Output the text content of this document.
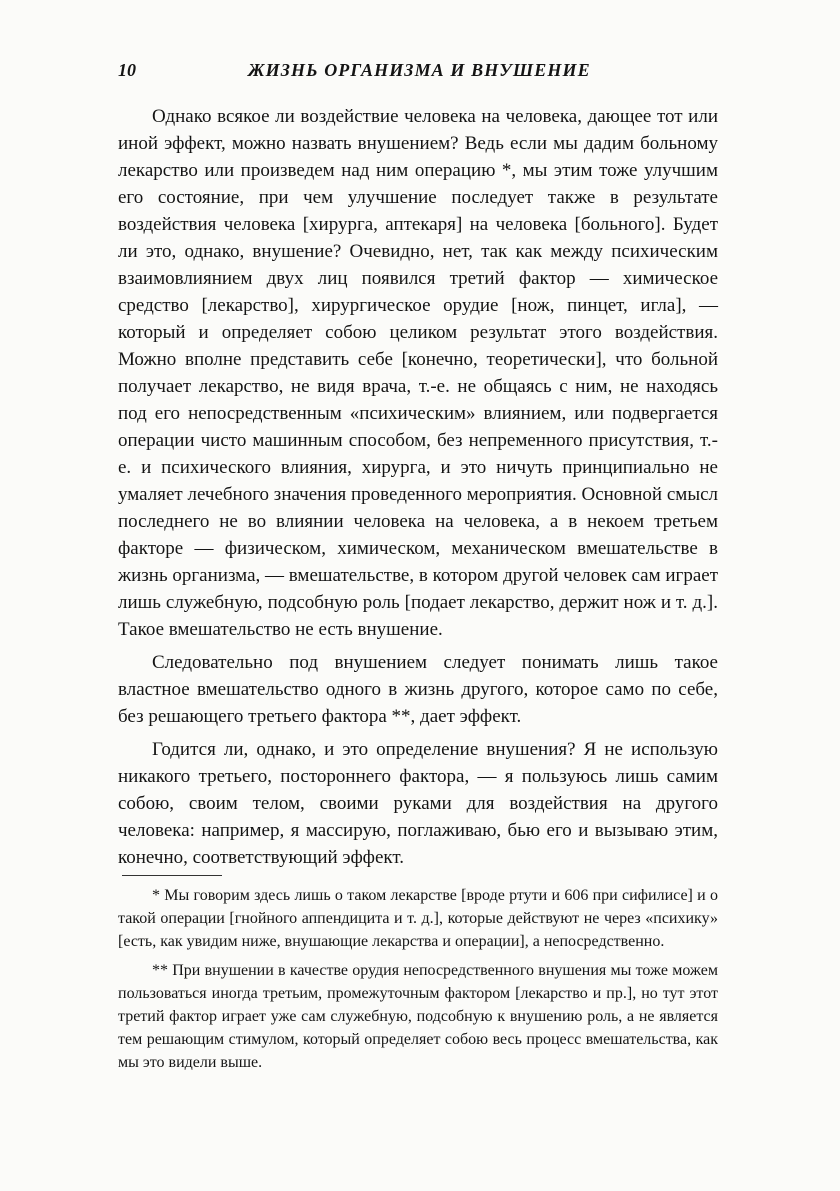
10	ЖИЗНЬ ОРГАНИЗМА И ВНУШЕНИЕ

Однако всякое ли воздействие человека на человека, дающее тот или иной эффект, можно назвать внушением? Ведь если мы дадим больному лекарство или произведем над ним операцию *, мы этим тоже улучшим его состояние, при чем улучшение последует также в результате воздействия человека [хирурга, аптекаря] на человека [больного]. Будет ли это, однако, внушение? Очевидно, нет, так как между психическим взаимовлиянием двух лиц появился третий фактор — химическое средство [лекарство], хирургическое орудие [нож, пинцет, игла], — который и определяет собою целиком результат этого воздействия. Можно вполне представить себе [конечно, теоретически], что больной получает лекарство, не видя врача, т.-е. не общаясь с ним, не находясь под его непосредственным «психическим» влиянием, или подвергается операции чисто машинным способом, без непременного присутствия, т.-е. и психического влияния, хирурга, и это ничуть принципиально не умаляет лечебного значения проведенного мероприятия. Основной смысл последнего не во влиянии человека на человека, а в некоем третьем факторе — физическом, химическом, механическом вмешательстве в жизнь организма, — вмешательстве, в котором другой человек сам играет лишь служебную, подсобную роль [подает лекарство, держит нож и т. д.]. Такое вмешательство не есть внушение.

Следовательно под внушением следует понимать лишь такое властное вмешательство одного в жизнь другого, которое само по себе, без решающего третьего фактора **, дает эффект.

Годится ли, однако, и это определение внушения? Я не использую никакого третьего, постороннего фактора, — я пользуюсь лишь самим собою, своим телом, своими руками для воздействия на другого человека: например, я массирую, поглаживаю, бью его и вызываю этим, конечно, соответствующий эффект.

* Мы говорим здесь лишь о таком лекарстве [вроде ртути и 606 при сифилисе] и о такой операции [гнойного аппендицита и т. д.], которые действуют не через «психику» [есть, как увидим ниже, внушающие лекарства и операции], а непосредственно.

** При внушении в качестве орудия непосредственного внушения мы тоже можем пользоваться иногда третьим, промежуточным фактором [лекарство и пр.], но тут этот третий фактор играет уже сам служебную, подсобную к внушению роль, а не является тем решающим стимулом, который определяет собою весь процесс вмешательства, как мы это видели выше.
